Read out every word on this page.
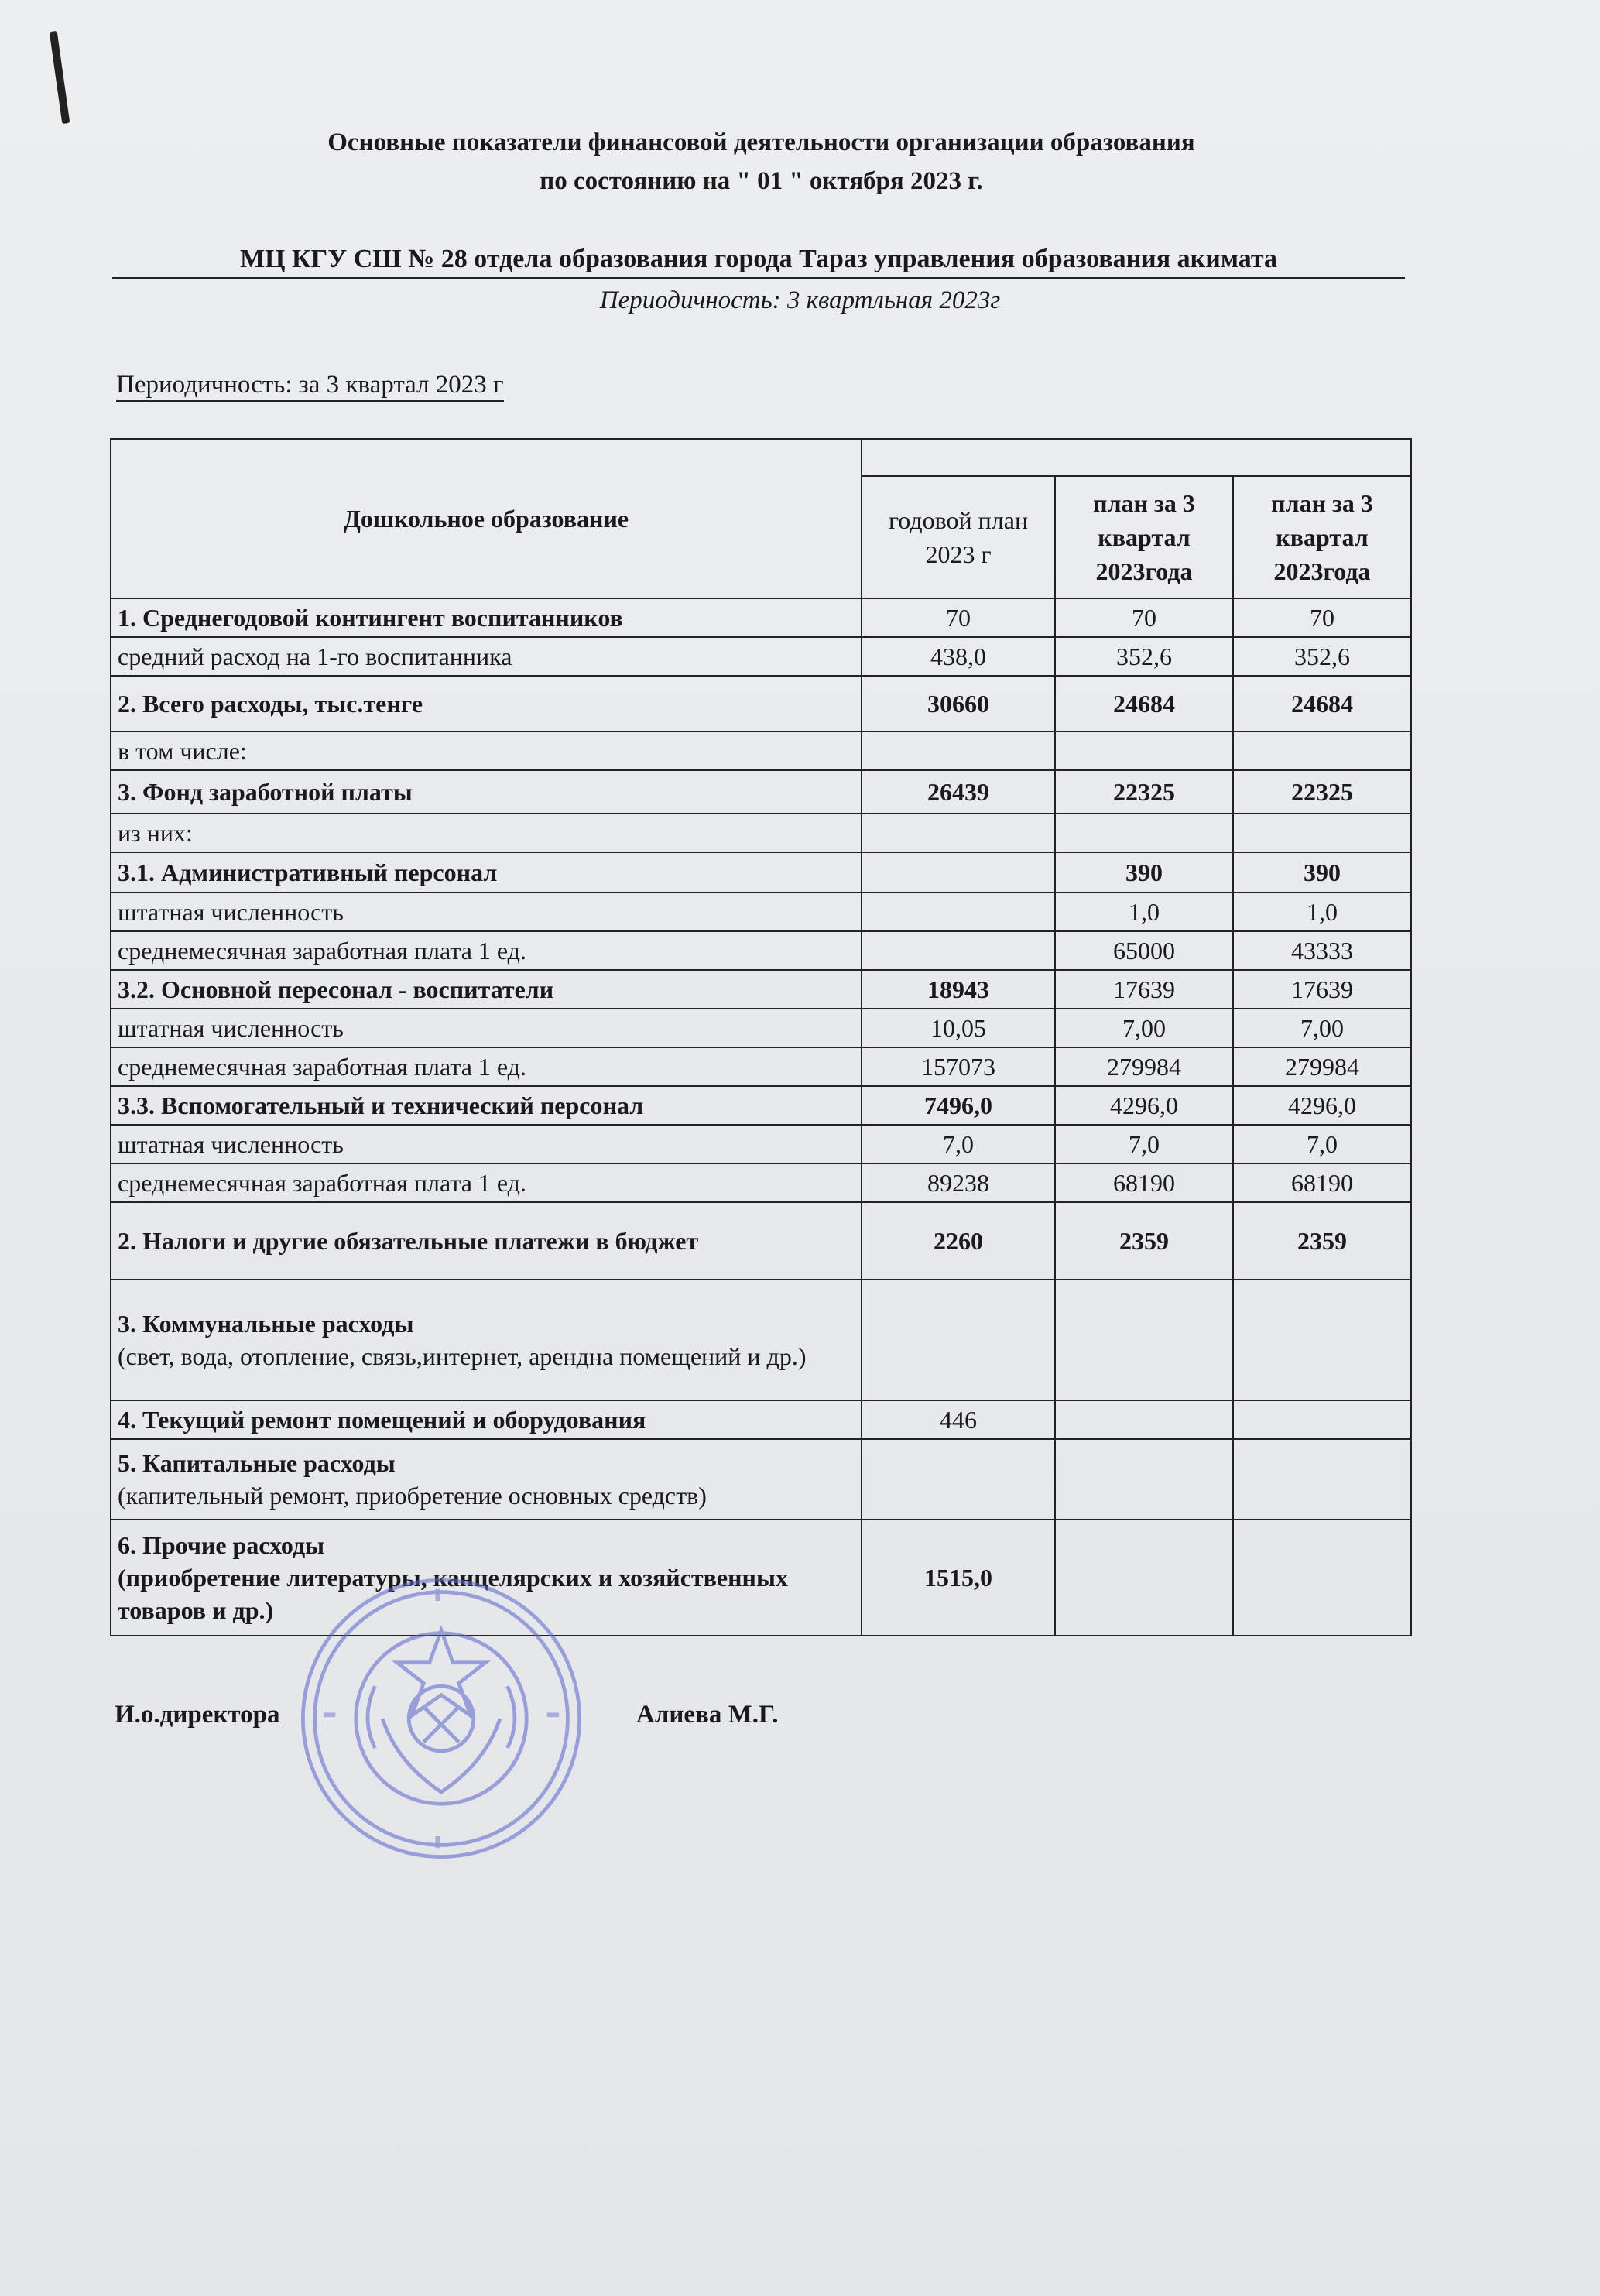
Основные показатели финансовой деятельности организации образования
по состоянию на " 01 " октября 2023 г.
МЦ КГУ СШ № 28 отдела образования города Тараз управления образования акимата
Периодичность: 3 квартльная 2023г
Периодичность: за 3 квартал 2023 г
Дошкольное образование			
	годовой план 2023 г	план за 3 квартал 2023года	план за 3 квартал 2023года
1. Среднегодовой контингент воспитанников	70	70	70
средний расход на 1-го воспитанника	438,0	352,6	352,6
2. Всего расходы, тыс.тенге	30660	24684	24684
в том числе:			
3. Фонд заработной платы	26439	22325	22325
из них:			
3.1. Административный персонал		390	390
штатная численность		1,0	1,0
среднемесячная заработная плата 1 ед.		65000	43333
3.2. Основной пересонал - воспитатели	18943	17639	17639
штатная численность	10,05	7,00	7,00
среднемесячная заработная плата 1 ед.	157073	279984	279984
3.3. Вспомогательный и технический персонал	7496,0	4296,0	4296,0
штатная численность	7,0	7,0	7,0
среднемесячная заработная плата 1 ед.	89238	68190	68190
2. Налоги и другие обязательные платежи в бюджет	2260	2359	2359
3. Коммунальные расходы
(свет, вода, отопление, связь,интернет, арендна помещений и др.)			
4. Текущий ремонт помещений и оборудования	446		
5. Капитальные расходы
(капительный ремонт, приобретение основных средств)			
6. Прочие расходы
(приобретение литературы, канцелярских и хозяйственных товаров и др.)	1515,0		
И.о.директора	Алиева М.Г.
